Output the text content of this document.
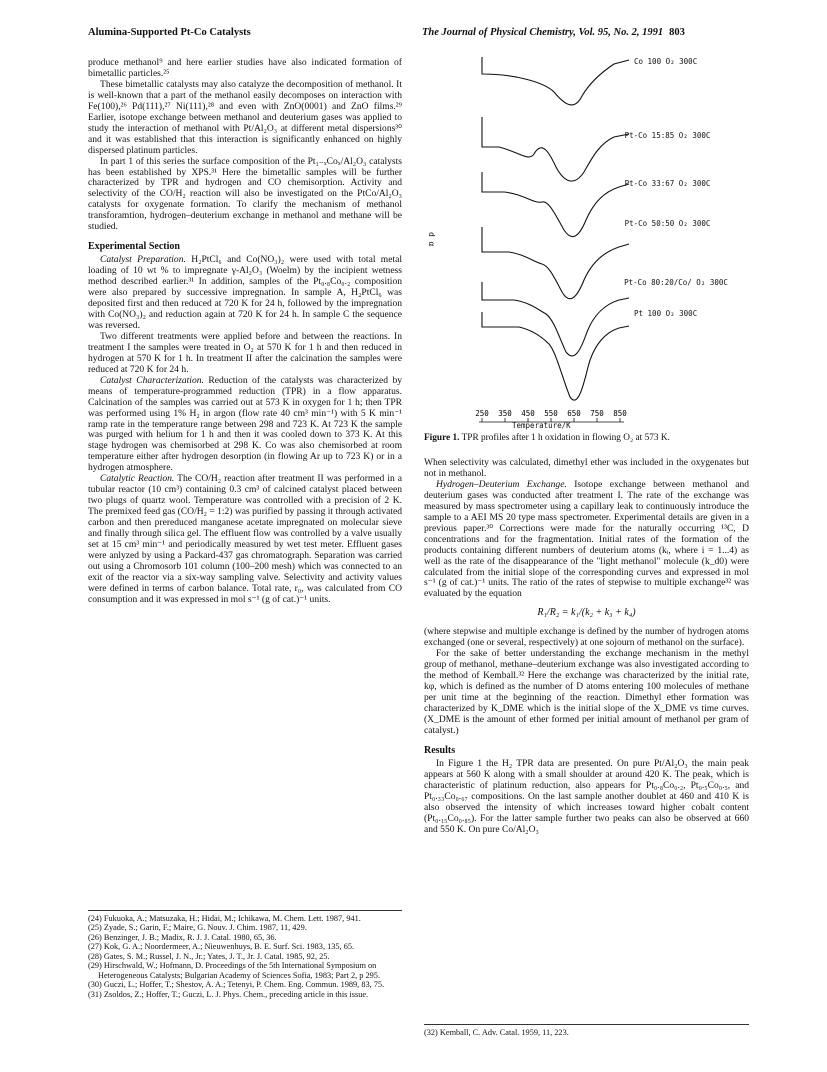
Alumina-Supported Pt-Co Catalysts	The Journal of Physical Chemistry, Vol. 95, No. 2, 1991 803

produce methanol⁹ and here earlier studies have also indicated formation of bimetallic particles.²⁵

These bimetallic catalysts may also catalyze the decomposition of methanol. It is well-known that a part of the methanol easily decomposes on interaction with Fe(100),²⁶ Pd(111),²⁷ Ni(111),²⁸ and even with ZnO(0001) and ZnO films.²⁹ Earlier, isotope exchange between methanol and deuterium gases was applied to study the interaction of methanol with Pt/Al₂O₃ at different metal dispersions³⁰ and it was established that this interaction is significantly enhanced on highly dispersed platinum particles.

In part 1 of this series the surface composition of the Pt₁₋ₓCoₓ/Al₂O₃ catalysts has been established by XPS.³¹ Here the bimetallic samples will be further characterized by TPR and hydrogen and CO chemisorption. Activity and selectivity of the CO/H₂ reaction will also be investigated on the PtCo/Al₂O₃ catalysts for oxygenate formation. To clarify the mechanism of methanol transforamtion, hydrogen–deuterium exchange in methanol and methane will be studied.

Experimental Section

Catalyst Preparation. H₂PtCl₆ and Co(NO₃)₂ were used with total metal loading of 10 wt % to impregnate γ-Al₂O₃ (Woelm) by the incipient wetness method described earlier.³¹ In addition, samples of the Pt₀.₈Co₀.₂ composition were also prepared by successive impregnation. In sample A, H₂PtCl₆ was deposited first and then reduced at 720 K for 24 h, followed by the impregnation with Co(NO₃)₂ and reduction again at 720 K for 24 h. In sample C the sequence was reversed.

Two different treatments were applied before and between the reactions. In treatment I the samples were treated in O₂ at 570 K for 1 h and then reduced in hydrogen at 570 K for 1 h. In treatment II after the calcination the samples were reduced at 720 K for 24 h.

Catalyst Characterization. Reduction of the catalysts was characterized by means of temperature-programmed reduction (TPR) in a flow apparatus. Calcination of the samples was carried out at 573 K in oxygen for 1 h; then TPR was performed using 1% H₂ in argon (flow rate 40 cm³ min⁻¹) with 5 K min⁻¹ ramp rate in the temperature range between 298 and 723 K. At 723 K the sample was purged with helium for 1 h and then it was cooled down to 373 K. At this stage hydrogen was chemisorbed at 298 K. Co was also chemisorbed at room temperature either after hydrogen desorption (in flowing Ar up to 723 K) or in a hydrogen atmosphere.

Catalytic Reaction. The CO/H₂ reaction after treatment II was performed in a tubular reactor (10 cm³) containing 0.3 cm³ of calcined catalyst placed between two plugs of quartz wool. Temperature was controlled with a precision of 2 K. The premixed feed gas (CO/H₂ = 1:2) was purified by passing it through activated carbon and then prereduced manganese acetate impregnated on molecular sieve and finally through silica gel. The effluent flow was controlled by a valve usually set at 15 cm³ min⁻¹ and periodically measured by wet test meter. Effluent gases were anlyzed by using a Packard-437 gas chromatograph. Separation was carried out using a Chromosorb 101 column (100–200 mesh) which was connected to an exit of the reactor via a six-way sampling valve. Selectivity and activity values were defined in terms of carbon balance. Total rate, r₀, was calculated from CO consumption and it was expressed in mol s⁻¹ (g of cat.)⁻¹ units.

(24) Fukuoka, A.; Matsuzaka, H.; Hidai, M.; Ichikawa, M. Chem. Lett. 1987, 941.

(25) Zyade, S.; Garin, F.; Maire, G. Nouv. J. Chim. 1987, 11, 429.

(26) Benzinger, J. B.; Madix, R. J. J. Catal. 1980, 65, 36.

(27) Kok, G. A.; Noordermeer, A.; Nieuwenhuys, B. E. Surf. Sci. 1983, 135, 65.

(28) Gates, S. M.; Russel, J. N., Jr.; Yates, J. T., Jr. J. Catal. 1985, 92, 25.

(29) Hirschwald, W.; Hofmann, D. Proceedings of the 5th International Symposium on Heterogeneous Catalysts; Bulgarian Academy of Sciences Sofia, 1983; Part 2, p 295.

(30) Guczi, L.; Hoffer, T.; Shestov, A. A.; Tetenyi, P. Chem. Eng. Commun. 1989, 83, 75.

(31) Zsoldos, Z.; Hoffer, T.; Guczi, L. J. Phys. Chem., preceding article in this issue.

250 350 450 550 650 750 850
Co 100 O₂ 300C
Pt-Co 15:85 O₂ 300C
Pt-Co 33:67 O₂ 300C
Pt-Co 50:50 O₂ 300C
Pt-Co 80:20/Co/ O₂ 300C
Pt 100 O₂ 300C
d α
Temperature/K
Figure 1. TPR profiles after 1 h oxidation in flowing O₂ at 573 K.

When selectivity was calculated, dimethyl ether was included in the oxygenates but not in methanol.

Hydrogen–Deuterium Exchange. Isotope exchange between methanol and deuterium gases was conducted after treatment I. The rate of the exchange was measured by mass spectrometer using a capillary leak to continuously introduce the sample to a AEI MS 20 type mass spectrometer. Experimental details are given in a previous paper.³⁰ Corrections were made for the naturally occurring ¹³C, D concentrations and for the fragmentation. Initial rates of the formation of the products containing different numbers of deuterium atoms (kᵢ, where i = 1...4) as well as the rate of the disappearance of the "light methanol" molecule (k_d0) were calculated from the initial slope of the corresponding curves and expressed in mol s⁻¹ (g of cat.)⁻¹ units. The ratio of the rates of stepwise to multiple exchange³² was evaluated by the equation

R₁/R₂ = k₁/(k₂ + k₃ + k₄)

(where stepwise and multiple exchange is defined by the number of hydrogen atoms exchanged (one or several, respectively) at one sojourn of methanol on the surface).

For the sake of better understanding the exchange mechanism in the methyl group of methanol, methane–deuterium exchange was also investigated according to the method of Kemball.³² Here the exchange was characterized by the initial rate, kφ, which is defined as the number of D atoms entering 100 molecules of methane per unit time at the beginning of the reaction. Dimethyl ether formation was characterized by K_DME which is the initial slope of the X_DME vs time curves. (X_DME is the amount of ether formed per initial amount of methanol per gram of catalyst.)

Results

In Figure 1 the H₂ TPR data are presented. On pure Pt/Al₂O₃ the main peak appears at 560 K along with a small shoulder at around 420 K. The peak, which is characteristic of platinum reduction, also appears for Pt₀.₈Co₀.₂, Pt₀.₅Co₀.₅, and Pt₀.₃₃Co₀.₆₇ compositions. On the last sample another doublet at 460 and 410 K is also observed the intensity of which increases toward higher cobalt content (Pt₀.₁₅Co₀.₈₅). For the latter sample further two peaks can also be observed at 660 and 550 K. On pure Co/Al₂O₃

(32) Kemball, C. Adv. Catal. 1959, 11, 223.
